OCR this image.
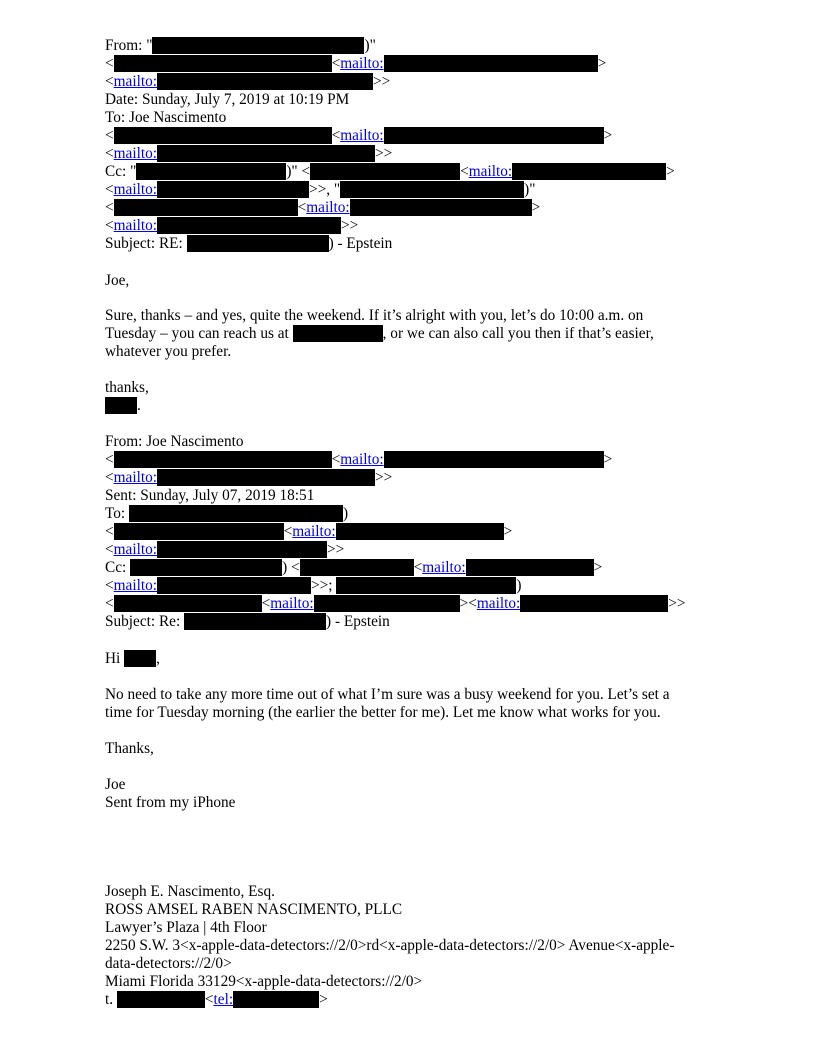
From: "	)"
<	<mailto:	>
<mailto:	>>
Date: Sunday, July 7, 2019 at 10:19 PM
To: Joe Nascimento
<	<mailto:	>
<mailto:	>>
Cc: "	)" <	<mailto:	>
<mailto:	>>, "	)"
<	<mailto:	>
<mailto:	>>
Subject: RE:	) - Epstein
Joe,
Sure, thanks – and yes, quite the weekend. If it’s alright with you, let’s do 10:00 a.m. on
Tuesday – you can reach us at	, or we can also call you then if that’s easier,
whatever you prefer.
thanks,
.
From: Joe Nascimento
<	<mailto:	>
<mailto:	>>
Sent: Sunday, July 07, 2019 18:51
To:	)
<	<mailto:	>
<mailto:	>>
Cc:	) <	<mailto:	>
<mailto:	>>;	)
<	<mailto:	><mailto:	>>
Subject: Re:	) - Epstein
Hi ,
No need to take any more time out of what I’m sure was a busy weekend for you. Let’s set a
time for Tuesday morning (the earlier the better for me). Let me know what works for you.
Thanks,
Joe
Sent from my iPhone
Joseph E. Nascimento, Esq.
ROSS AMSEL RABEN NASCIMENTO, PLLC
Lawyer’s Plaza | 4th Floor
2250 S.W. 3<x-apple-data-detectors://2/0>rd<x-apple-data-detectors://2/0> Avenue<x-apple-
data-detectors://2/0>
Miami Florida 33129<x-apple-data-detectors://2/0>
t.	<tel:	>
